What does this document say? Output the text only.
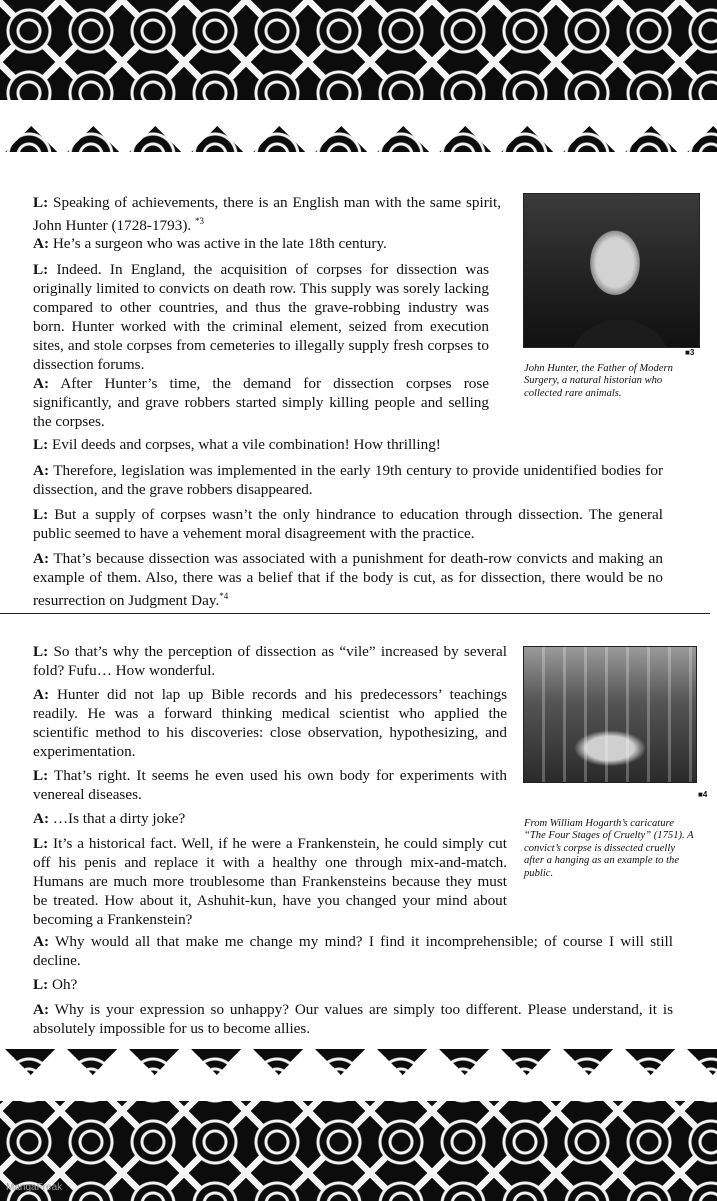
L: Speaking of achievements, there is an English man with the same spirit, John Hunter (1728-1793). $^{*3}$

A: He’s a surgeon who was active in the late 18th century.

L: Indeed. In England, the acquisition of corpses for dissection was originally limited to convicts on death row. This supply was sorely lacking compared to other countries, and thus the grave-robbing industry was born. Hunter worked with the criminal element, seized from execution sites, and stole corpses from cemeteries to illegally supply fresh corpses to dissection forums.

A: After Hunter’s time, the demand for dissection corpses rose significantly, and grave robbers started simply killing people and selling the corpses.

L: Evil deeds and corpses, what a vile combination! How thrilling!

A: Therefore, legislation was implemented in the early 19th century to provide unidentified bodies for dissection, and the grave robbers disappeared.

L: But a supply of corpses wasn’t the only hindrance to education through dissection. The general public seemed to have a vehement moral disagreement with the practice.

A: That’s because dissection was associated with a punishment for death-row convicts and making an example of them. Also, there was a belief that if the body is cut, as for dissection, there would be no resurrection on Judgment Day.$^{*4}$

■3

John Hunter, the Father of Modern Surgery, a natural historian who collected rare animals.

L: So that’s why the perception of dissection as “vile” increased by several fold? Fufu… How wonderful.

A: Hunter did not lap up Bible records and his predecessors’ teachings readily. He was a forward thinking medical scientist who applied the scientific method to his discoveries: close observation, hypothesizing, and experimentation.

L: That’s right. It seems he even used his own body for experiments with venereal diseases.

A: …Is that a dirty joke?

L: It’s a historical fact. Well, if he were a Frankenstein, he could simply cut off his penis and replace it with a healthy one through mix-and-match. Humans are much more troublesome than Frankensteins because they must be treated. How about it, Ashuhit-kun, have you changed your mind about becoming a Frankenstein?

A: Why would all that make me change my mind? I find it incomprehensible; of course I will still decline.

L: Oh?

A: Why is your expression so unhappy? Our values are simply too different. Please understand, it is absolutely impossible for us to become allies.

■4

From William Hogarth’s caricature “The Four Stages of Cruelty” (1751). A convict’s corpse is dissected cruelly after a hanging as an example to the public.

MangaFreak
